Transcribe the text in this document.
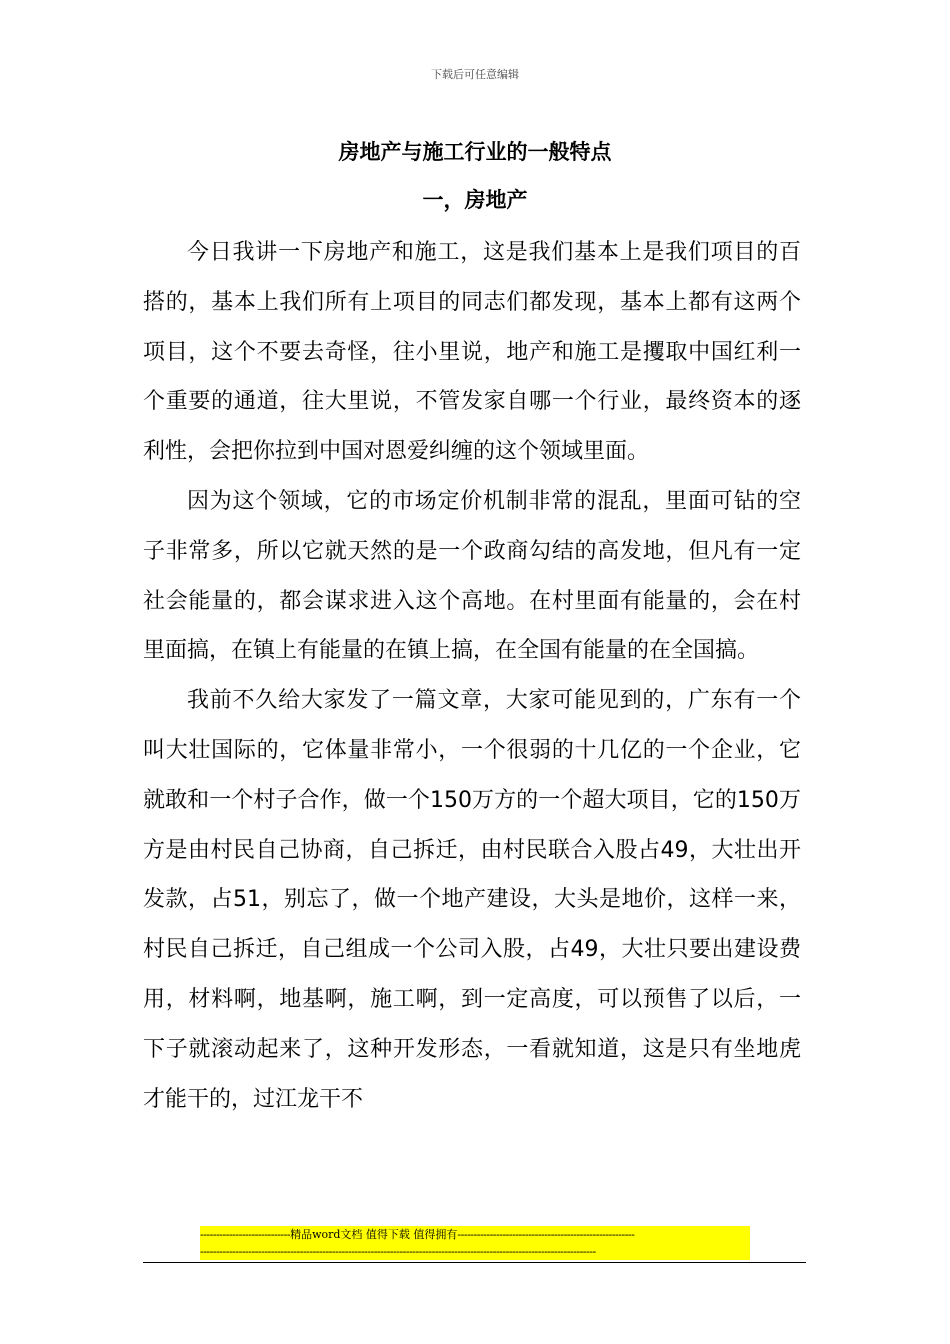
下载后可任意编辑
房地产与施工行业的一般特点
一，房地产

今日我讲一下房地产和施工，这是我们基本上是我们项目的百搭的，基本上我们所有上项目的同志们都发现，基本上都有这两个项目，这个不要去奇怪，往小里说，地产和施工是攫取中国红利一个重要的通道，往大里说，不管发家自哪一个行业，最终资本的逐利性，会把你拉到中国对恩爱纠缠的这个领域里面。

因为这个领域，它的市场定价机制非常的混乱，里面可钻的空子非常多，所以它就天然的是一个政商勾结的高发地，但凡有一定社会能量的，都会谋求进入这个高地。在村里面有能量的，会在村里面搞，在镇上有能量的在镇上搞，在全国有能量的在全国搞。

我前不久给大家发了一篇文章，大家可能见到的，广东有一个叫大壮国际的，它体量非常小，一个很弱的十几亿的一个企业，它就敢和一个村子合作，做一个150万方的一个超大项目，它的150万方是由村民自己协商，自己拆迁，由村民联合入股占49，大壮出开发款，占51，别忘了，做一个地产建设，大头是地价，这样一来，村民自己拆迁，自己组成一个公司入股，占49，大壮只要出建设费用，材料啊，地基啊，施工啊，到一定高度，可以预售了以后，一下子就滚动起来了，这种开发形态，一看就知道，这是只有坐地虎才能干的，过江龙干不

----------------------------精品word文档 值得下载 值得拥有-------------------------------------------------------
---------------------------------------------------------------------------------------------------------------------------
